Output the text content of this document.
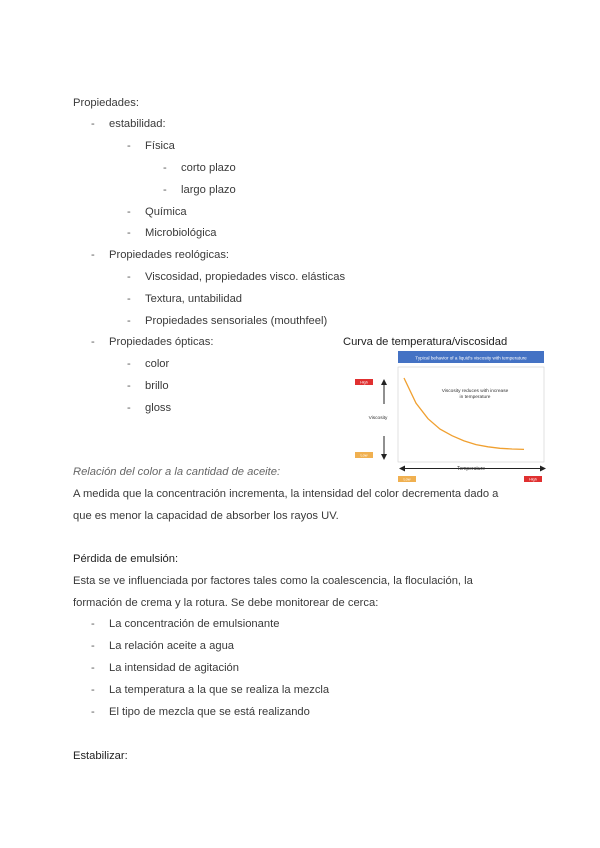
Propiedades:
- estabilidad:
- Física
- corto plazo
- largo plazo
- Química
- Microbiológica
- Propiedades reológicas:
- Viscosidad, propiedades visco. elásticas
- Textura, untabilidad
- Propiedades sensoriales (mouthfeel)
- Propiedades ópticas:
- color
- brillo
- gloss
Curva de temperatura/viscosidad
Typical behavior of a liquid's viscosity with temperature
High
Low
Viscosity
Temperature
Low	High
Viscosity reduces with increase
in temperature
Relación del color a la cantidad de aceite:
A medida que la concentración incrementa, la intensidad del color decrementa dado a
que es menor la capacidad de absorber los rayos UV.
Pérdida de emulsión:
Esta se ve influenciada por factores tales como la coalescencia, la floculación, la
formación de crema y la rotura. Se debe monitorear de cerca:
- La concentración de emulsionante
- La relación aceite a agua
- La intensidad de agitación
- La temperatura a la que se realiza la mezcla
- El tipo de mezcla que se está realizando
Estabilizar:
